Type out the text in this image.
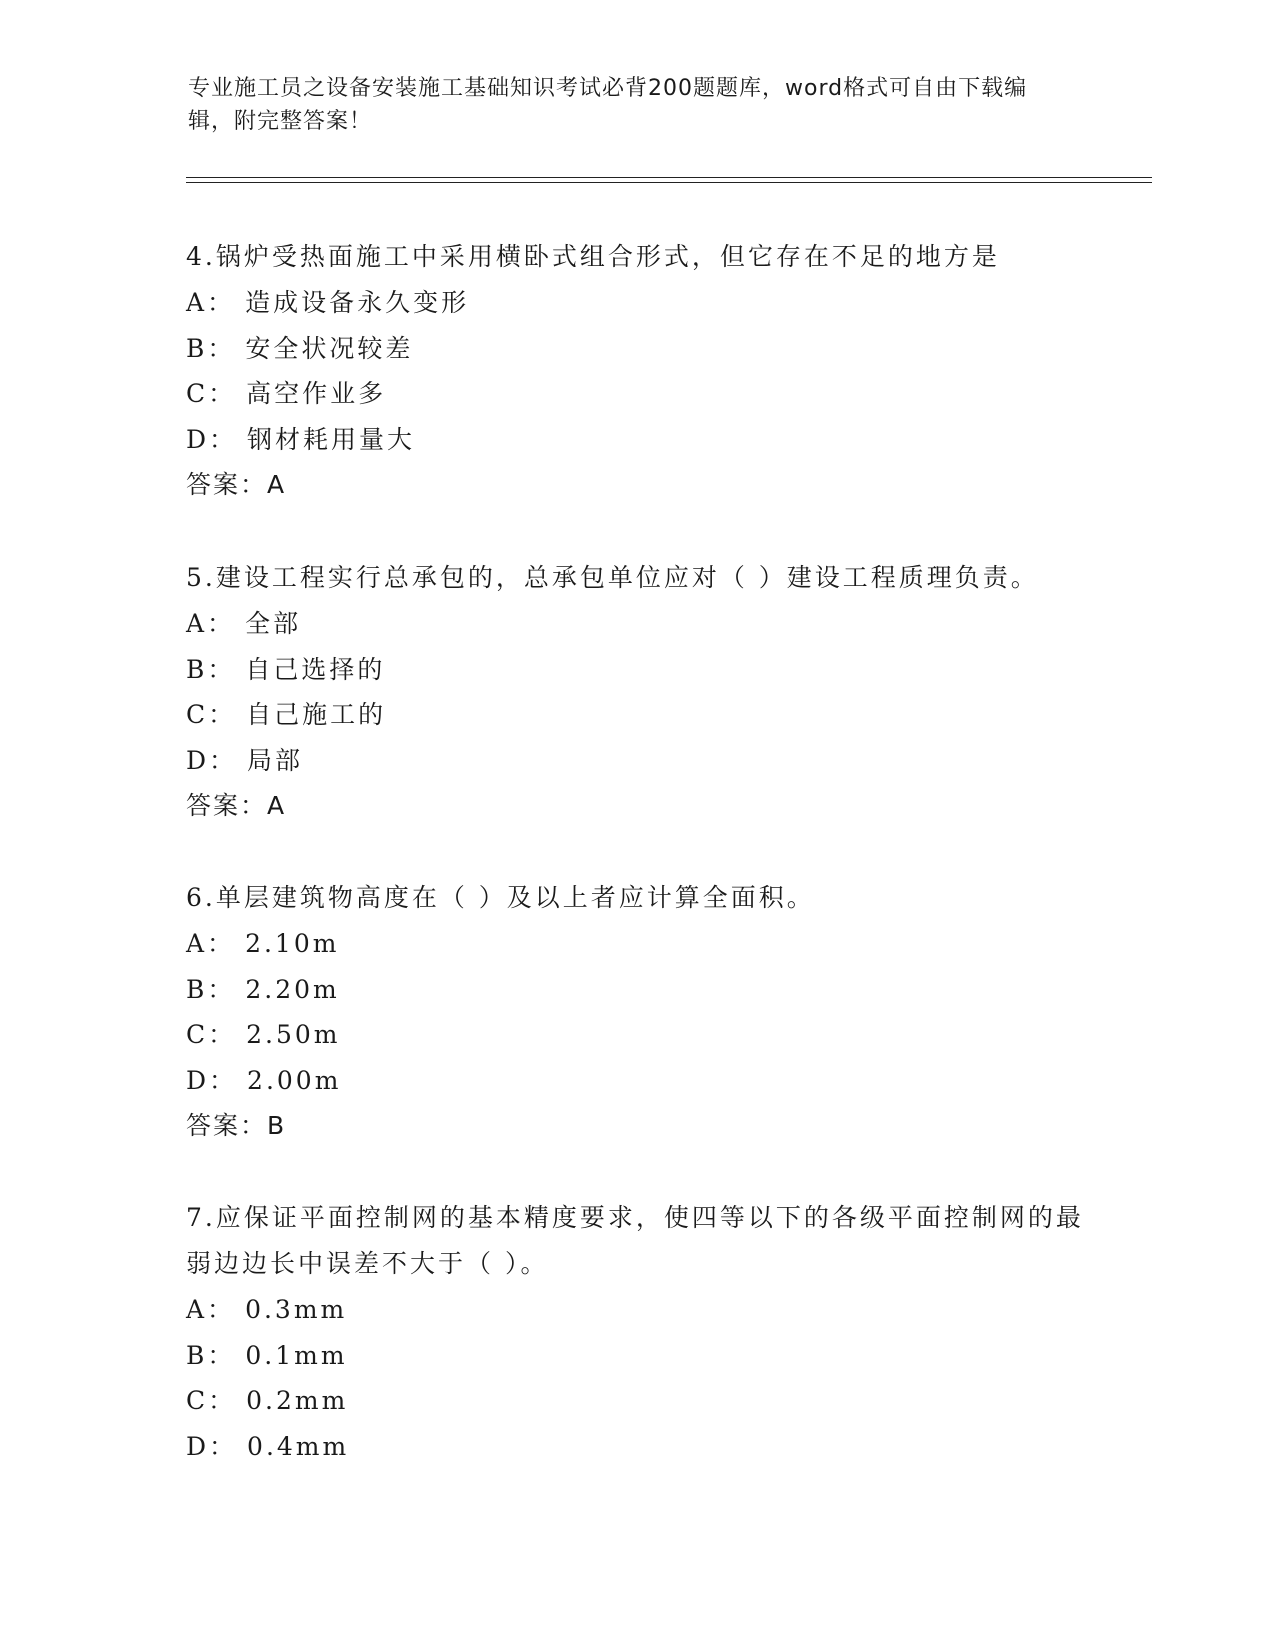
专业施工员之设备安装施工基础知识考试必背200题题库，word格式可自由下载编辑，附完整答案！

4.锅炉受热面施工中采用横卧式组合形式，但它存在不足的地方是

A： 造成设备永久变形

B： 安全状况较差

C： 高空作业多

D： 钢材耗用量大

答案：A

5.建设工程实行总承包的，总承包单位应对（ ）建设工程质理负责。

A： 全部

B： 自己选择的

C： 自己施工的

D： 局部

答案：A

6.单层建筑物高度在（ ）及以上者应计算全面积。

A： 2.10m

B： 2.20m

C： 2.50m

D： 2.00m

答案：B

7.应保证平面控制网的基本精度要求，使四等以下的各级平面控制网的最弱边边长中误差不大于（ ）。

A： 0.3mm

B： 0.1mm

C： 0.2mm

D： 0.4mm
